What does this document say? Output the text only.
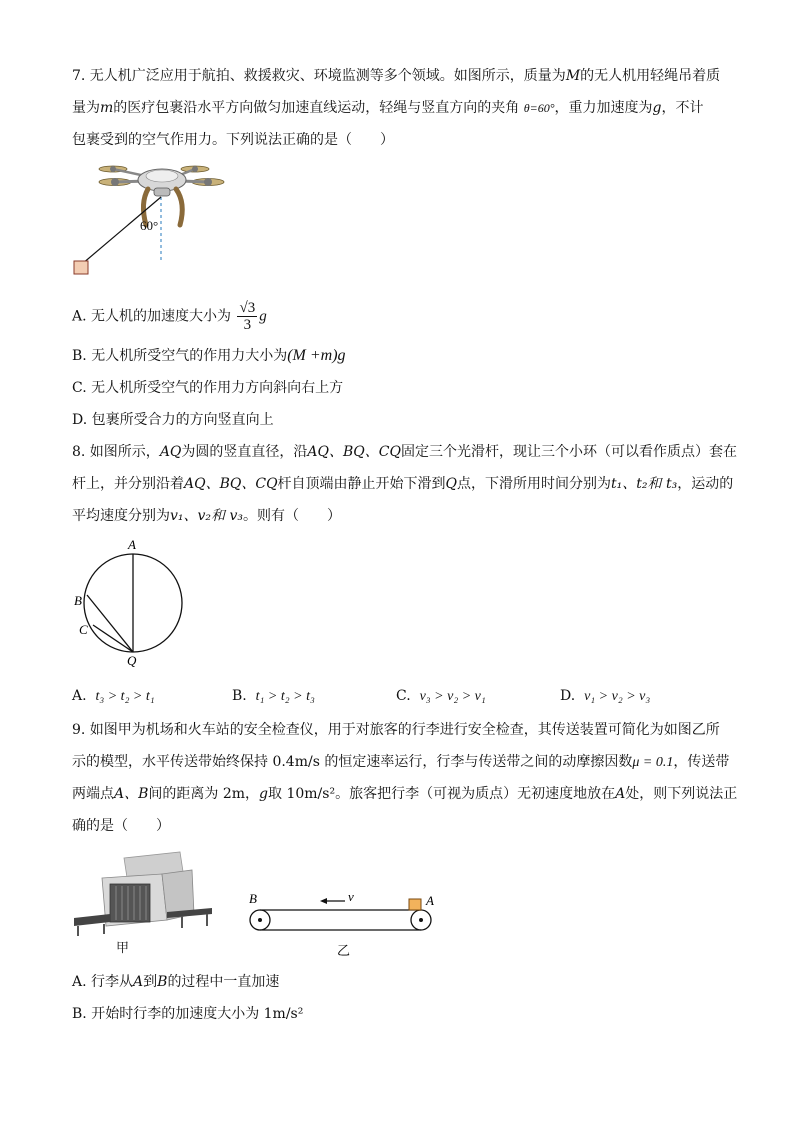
7. 无人机广泛应用于航拍、救援救灾、环境监测等多个领域。如图所示，质量为M的无人机用轻绳吊着质
量为m的医疗包裹沿水平方向做匀加速直线运动，轻绳与竖直方向的夹角 θ=60°，重力加速度为g，不计
包裹受到的空气作用力。下列说法正确的是（　　）
60°
A. 无人机的加速度大小为 $\frac{√3}{3}$ g
B. 无人机所受空气的作用力大小为(M +m)g
C. 无人机所受空气的作用力方向斜向右上方
D. 包裹所受合力的方向竖直向上
8. 如图所示，AQ为圆的竖直直径，沿AQ、BQ、CQ固定三个光滑杆，现让三个小环（可以看作质点）套在
杆上，并分别沿着AQ、BQ、CQ杆自顶端由静止开始下滑到Q点，下滑所用时间分别为t₁、t₂和 t₃，运动的
平均速度分别为v₁、v₂和 v₃。则有（　　）
A
B
C
Q
A. t₃ > t₂ > t₁	B. t₁ > t₂ > t₃	C. v₃ > v₂ > v₁	D. v₁ > v₂ > v₃
9. 如图甲为机场和火车站的安全检查仪，用于对旅客的行李进行安全检查，其传送装置可简化为如图乙所
示的模型，水平传送带始终保持 0.4m/s 的恒定速率运行，行李与传送带之间的动摩擦因数μ = 0.1，传送带
两端点A、B间的距离为 2m，g取 10m/s²。旅客把行李（可视为质点）无初速度地放在A处，则下列说法正
确的是（　　）
甲
v
B	A
乙
A. 行李从A到B的过程中一直加速
B. 开始时行李的加速度大小为 1m/s²
